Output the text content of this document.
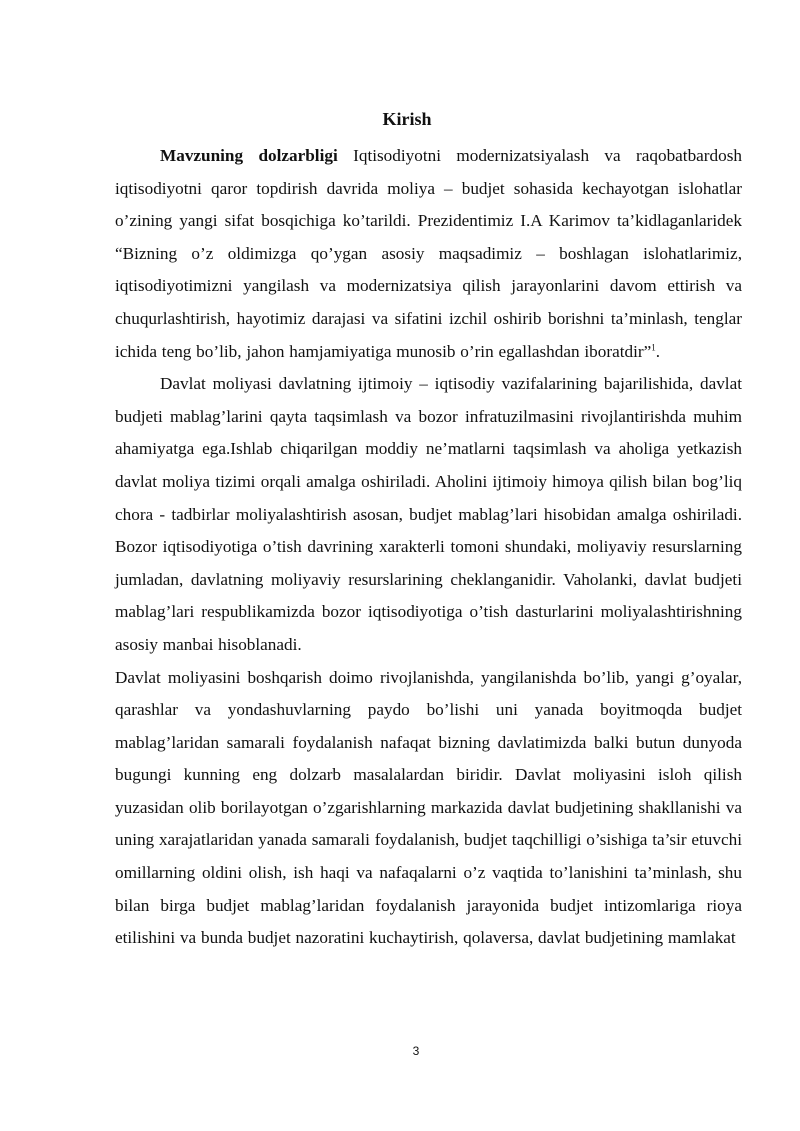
Kirish

Mavzuning dolzarbligi Iqtisodiyotni modernizatsiyalash va raqobatbardosh iqtisodiyotni qaror topdirish davrida moliya – budjet sohasida kechayotgan islohatlar o’zining yangi sifat bosqichiga ko’tarildi. Prezidentimiz I.A Karimov ta’kidlaganlaridek “Bizning o’z oldimizga qo’ygan asosiy maqsadimiz – boshlagan islohatlarimiz, iqtisodiyotimizni yangilash va modernizatsiya qilish jarayonlarini davom ettirish va chuqurlashtirish, hayotimiz darajasi va sifatini izchil oshirib borishni ta’minlash, tenglar ichida teng bo’lib, jahon hamjamiyatiga munosib o’rin egallashdan iboratdir”$^1$.

Davlat moliyasi davlatning ijtimoiy – iqtisodiy vazifalarining bajarilishida, davlat budjeti mablag’larini qayta taqsimlash va bozor infratuzilmasini rivojlantirishda muhim ahamiyatga ega.Ishlab chiqarilgan moddiy ne’matlarni taqsimlash va aholiga yetkazish davlat moliya tizimi orqali amalga oshiriladi. Aholini ijtimoiy himoya qilish bilan bog’liq chora - tadbirlar moliyalashtirish asosan, budjet mablag’lari hisobidan amalga oshiriladi. Bozor iqtisodiyotiga o’tish davrining xarakterli tomoni shundaki, moliyaviy resurslarning jumladan, davlatning moliyaviy resurslarining cheklanganidir. Vaholanki, davlat budjeti mablag’lari respublikamizda bozor iqtisodiyotiga o’tish dasturlarini moliyalashtirishning asosiy manbai hisoblanadi.

Davlat moliyasini boshqarish doimo rivojlanishda, yangilanishda bo’lib, yangi g’oyalar, qarashlar va yondashuvlarning paydo bo’lishi uni yanada boyitmoqda budjet mablag’laridan samarali foydalanish nafaqat bizning davlatimizda balki butun dunyoda bugungi kunning eng dolzarb masalalardan biridir. Davlat moliyasini isloh qilish yuzasidan olib borilayotgan o’zgarishlarning markazida davlat budjetining shakllanishi va uning xarajatlaridan yanada samarali foydalanish, budjet taqchilligi o’sishiga ta’sir etuvchi omillarning oldini olish, ish haqi va nafaqalarni o’z vaqtida to’lanishini ta’minlash, shu bilan birga budjet mablag’laridan foydalanish jarayonida budjet intizomlariga rioya etilishini va bunda budjet nazoratini kuchaytirish, qolaversa, davlat budjetining mamlakat

3
